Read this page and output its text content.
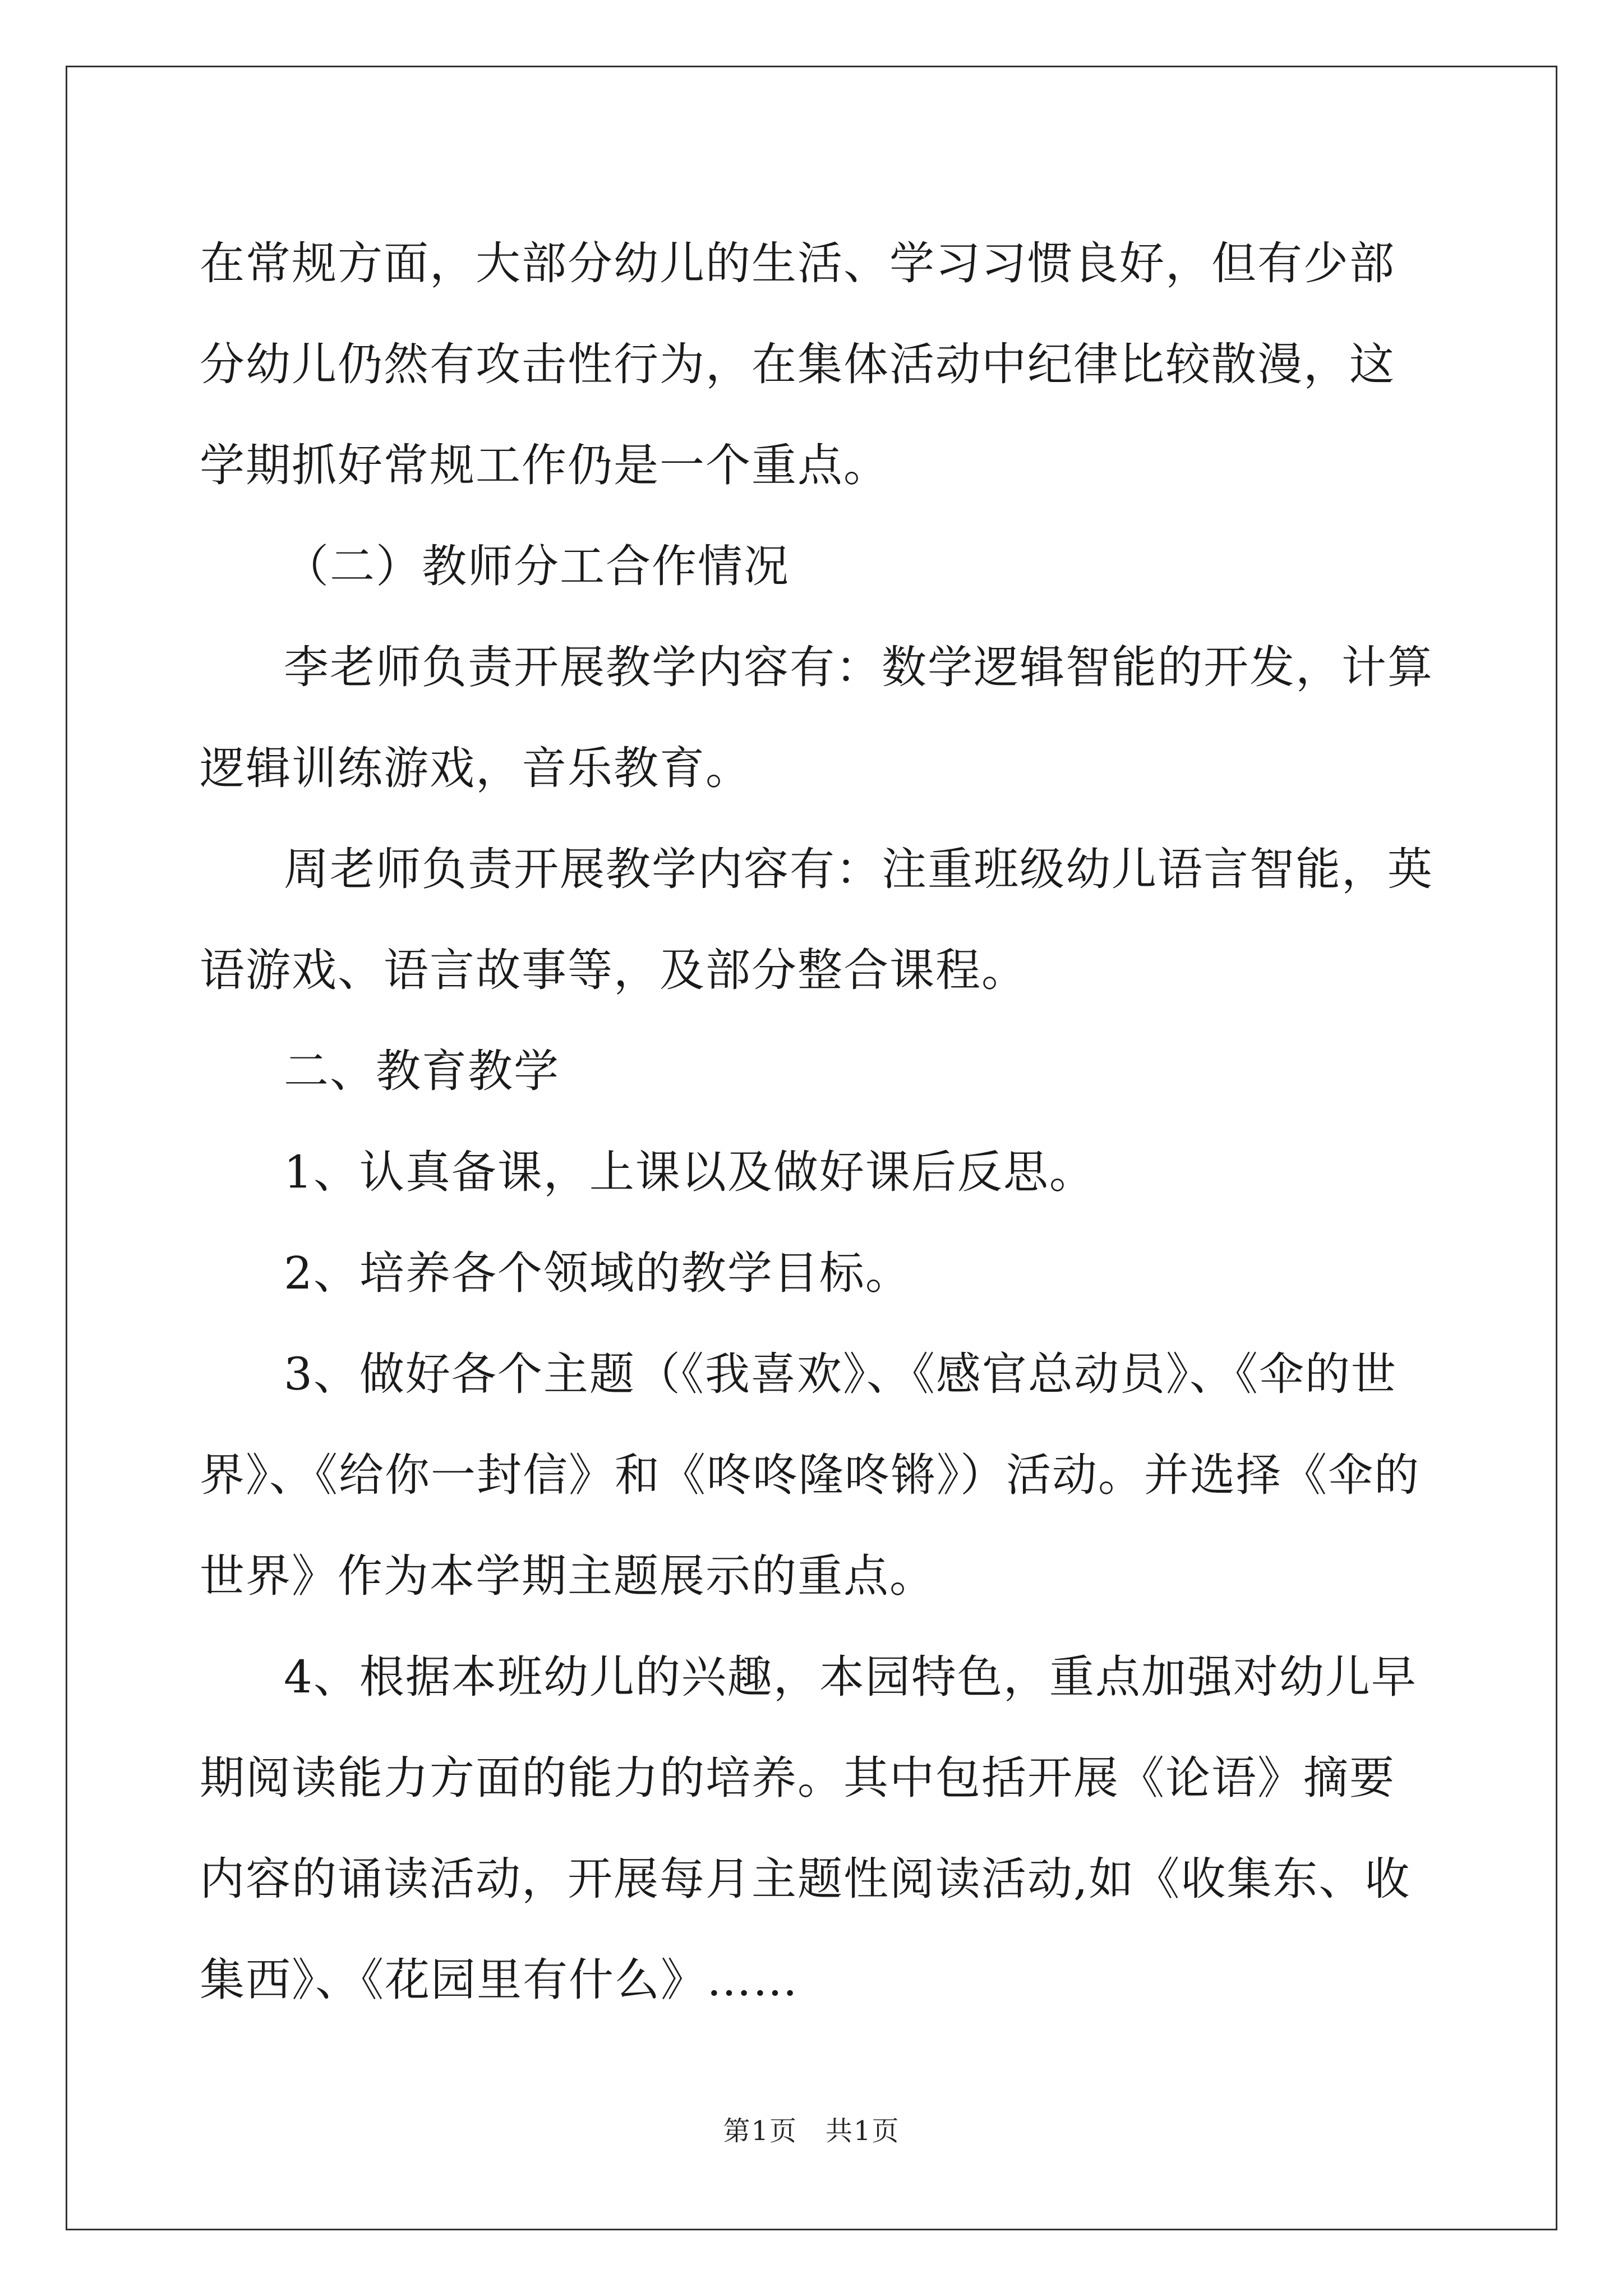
在常规方面，大部分幼儿的生活、学习习惯良好，但有少部分幼儿仍然有攻击性行为，在集体活动中纪律比较散漫，这学期抓好常规工作仍是一个重点。

（二）教师分工合作情况

李老师负责开展教学内容有：数学逻辑智能的开发，计算逻辑训练游戏，音乐教育。

周老师负责开展教学内容有：注重班级幼儿语言智能，英语游戏、语言故事等，及部分整合课程。

二、教育教学

1、认真备课，上课以及做好课后反思。

2、培养各个领域的教学目标。

3、做好各个主题（《我喜欢》、《感官总动员》、《伞的世界》、《给你一封信》和《咚咚隆咚锵》）活动。并选择《伞的世界》作为本学期主题展示的重点。

4、根据本班幼儿的兴趣，本园特色，重点加强对幼儿早期阅读能力方面的能力的培养。其中包括开展《论语》摘要内容的诵读活动，开展每月主题性阅读活动,如《收集东、收集西》、《花园里有什么》……

第1页 共1页
